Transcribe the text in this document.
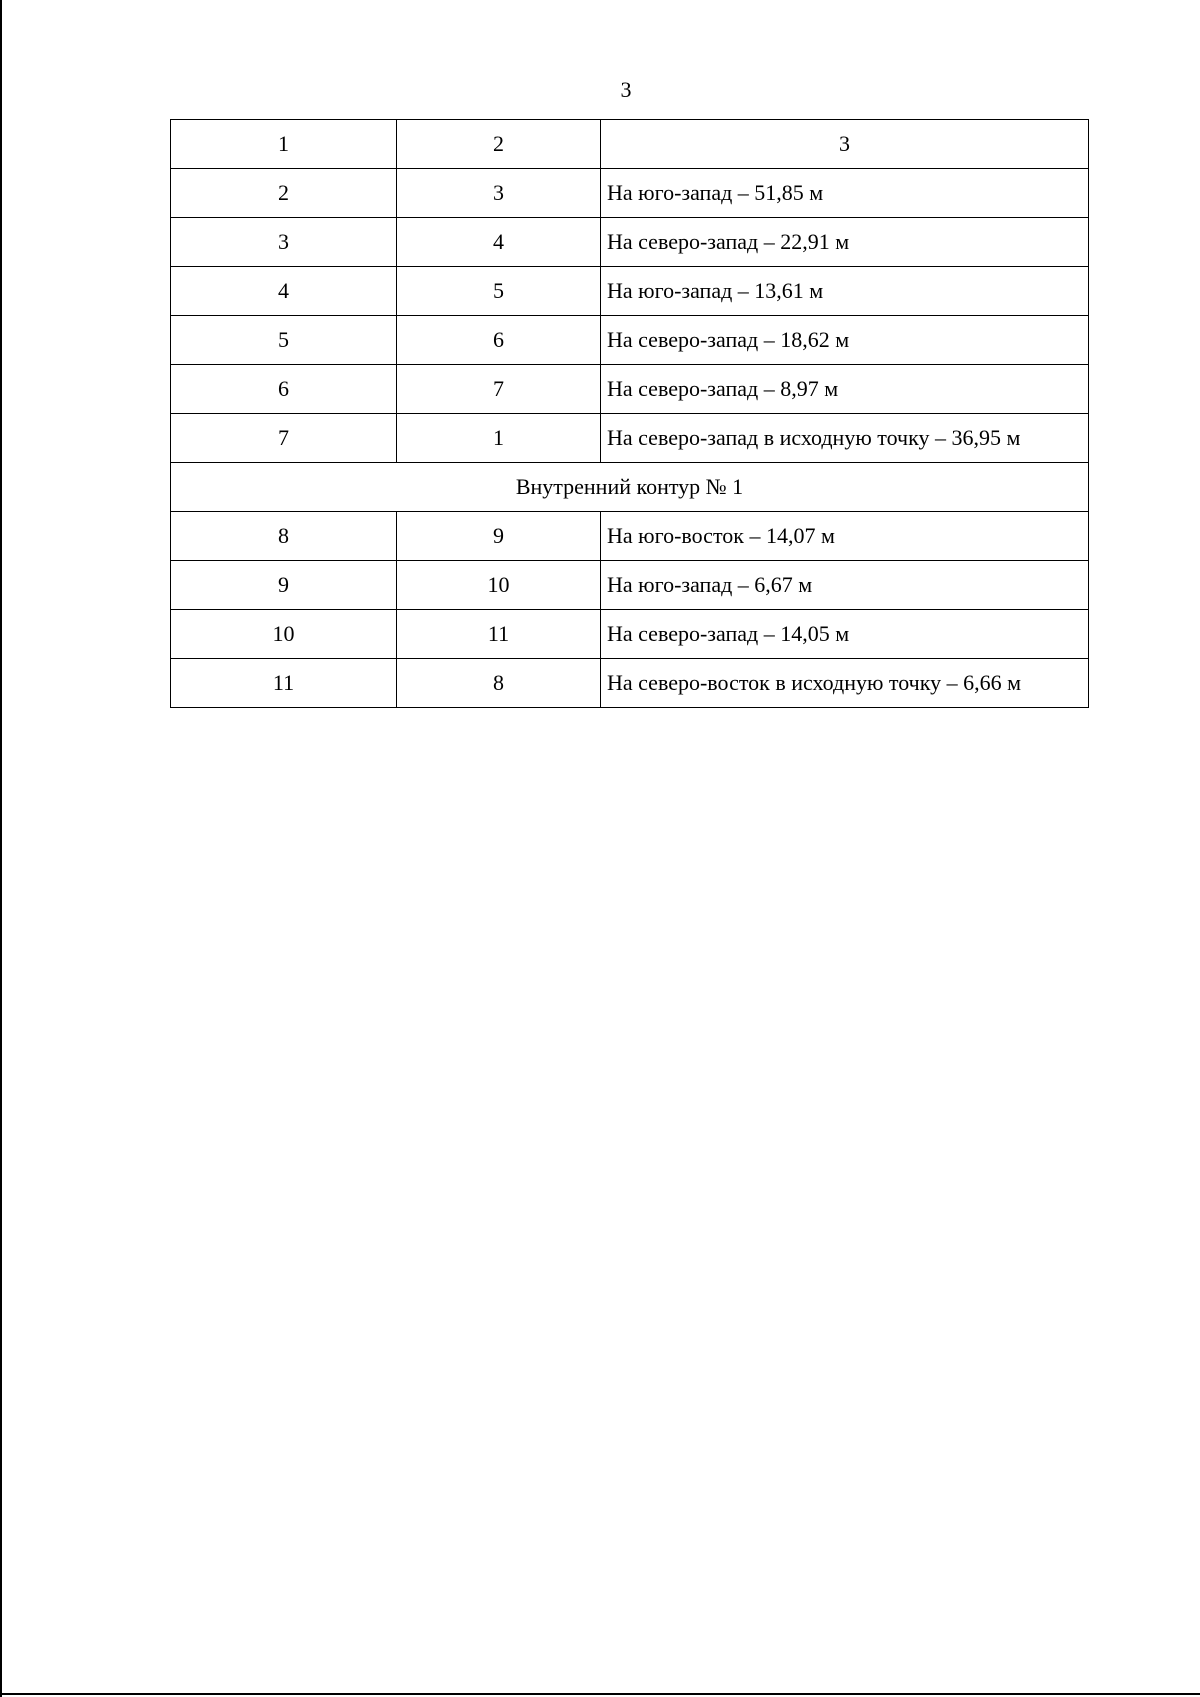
3
1	2	3
2	3	На юго-запад – 51,85 м
3	4	На северо-запад – 22,91 м
4	5	На юго-запад – 13,61 м
5	6	На северо-запад – 18,62 м
6	7	На северо-запад – 8,97 м
7	1	На северо-запад в исходную точку – 36,95 м
Внутренний контур № 1		
8	9	На юго-восток – 14,07 м
9	10	На юго-запад – 6,67 м
10	11	На северо-запад – 14,05 м
11	8	На северо-восток в исходную точку – 6,66 м
